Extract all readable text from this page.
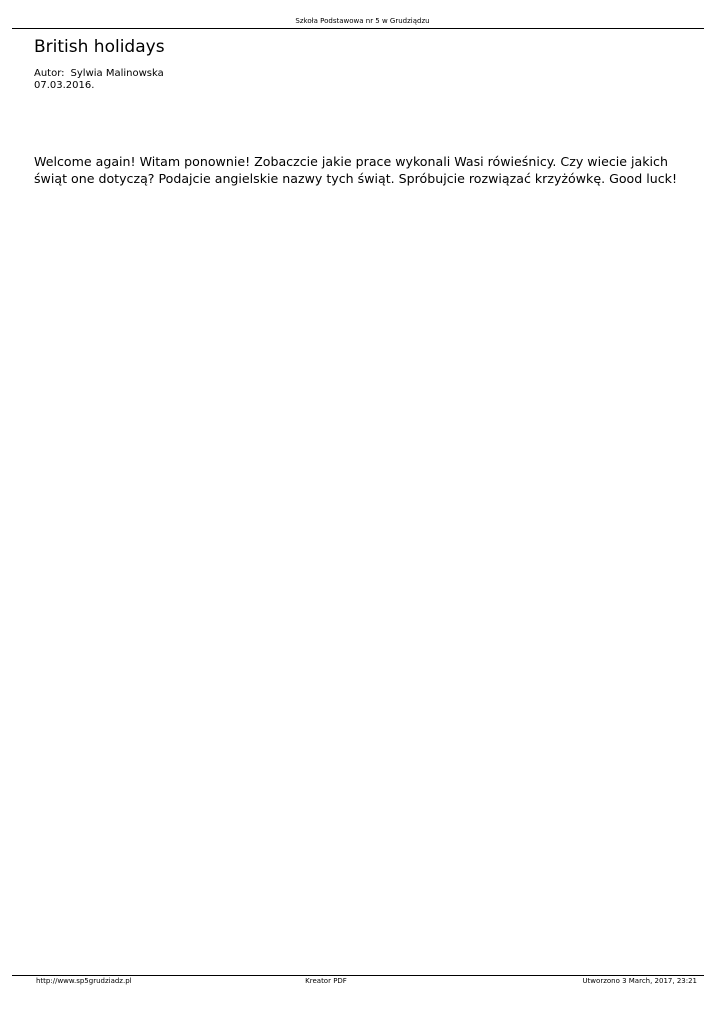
Szkoła Podstawowa nr 5 w Grudziądzu
British holidays
Autor: Sylwia Malinowska
07.03.2016.

Welcome again! Witam ponownie! Zobaczcie jakie prace wykonali Wasi rówieśnicy. Czy wiecie jakich świąt one dotyczą? Podajcie angielskie nazwy tych świąt. Spróbujcie rozwiązać krzyżówkę. Good luck!

http://www.sp5grudziadz.pl	Kreator PDF	Utworzono 3 March, 2017, 23:21
